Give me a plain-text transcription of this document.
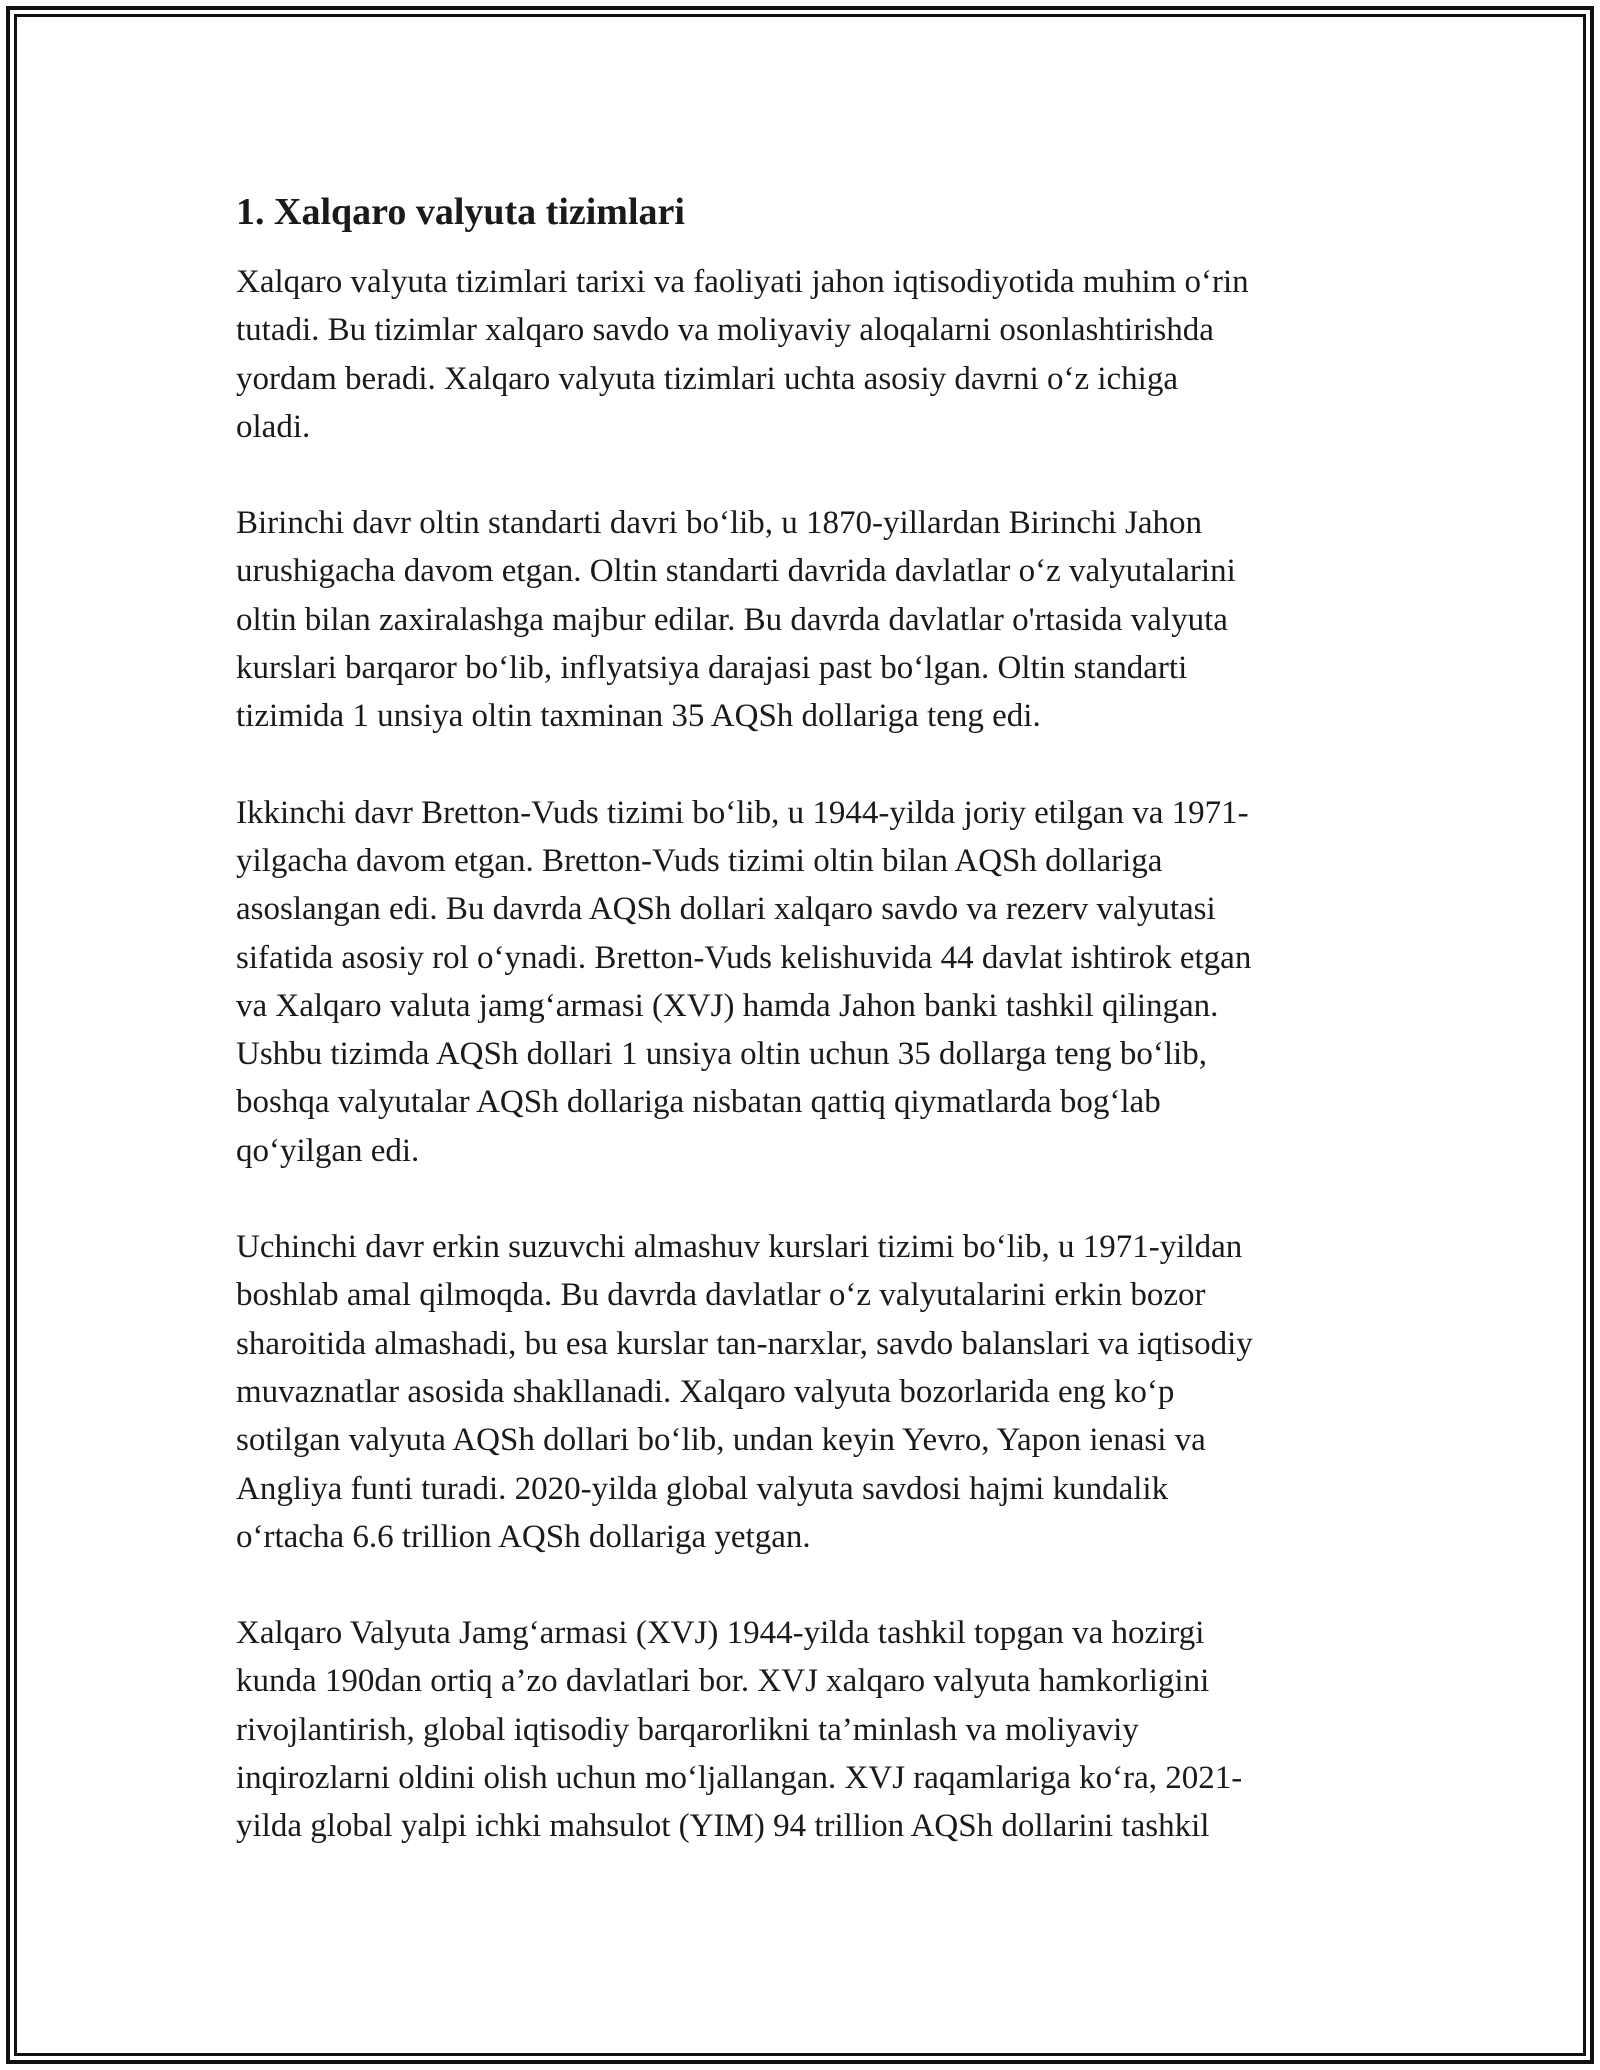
1. Xalqaro valyuta tizimlari
Xalqaro valyuta tizimlari tarixi va faoliyati jahon iqtisodiyotida muhim oʻrin
tutadi. Bu tizimlar xalqaro savdo va moliyaviy aloqalarni osonlashtirishda
yordam beradi. Xalqaro valyuta tizimlari uchta asosiy davrni oʻz ichiga
oladi.
Birinchi davr oltin standarti davri boʻlib, u 1870-yillardan Birinchi Jahon
urushigacha davom etgan. Oltin standarti davrida davlatlar oʻz valyutalarini
oltin bilan zaxiralashga majbur edilar. Bu davrda davlatlar o'rtasida valyuta
kurslari barqaror boʻlib, inflyatsiya darajasi past boʻlgan. Oltin standarti
tizimida 1 unsiya oltin taxminan 35 AQSh dollariga teng edi.
Ikkinchi davr Bretton-Vuds tizimi boʻlib, u 1944-yilda joriy etilgan va 1971-
yilgacha davom etgan. Bretton-Vuds tizimi oltin bilan AQSh dollariga
asoslangan edi. Bu davrda AQSh dollari xalqaro savdo va rezerv valyutasi
sifatida asosiy rol oʻynadi. Bretton-Vuds kelishuvida 44 davlat ishtirok etgan
va Xalqaro valuta jamgʻarmasi (XVJ) hamda Jahon banki tashkil qilingan.
Ushbu tizimda AQSh dollari 1 unsiya oltin uchun 35 dollarga teng boʻlib,
boshqa valyutalar AQSh dollariga nisbatan qattiq qiymatlarda bogʻlab
qoʻyilgan edi.
Uchinchi davr erkin suzuvchi almashuv kurslari tizimi boʻlib, u 1971-yildan
boshlab amal qilmoqda. Bu davrda davlatlar oʻz valyutalarini erkin bozor
sharoitida almashadi, bu esa kurslar tan-narxlar, savdo balanslari va iqtisodiy
muvaznatlar asosida shakllanadi. Xalqaro valyuta bozorlarida eng koʻp
sotilgan valyuta AQSh dollari boʻlib, undan keyin Yevro, Yapon ienasi va
Angliya funti turadi. 2020-yilda global valyuta savdosi hajmi kundalik
oʻrtacha 6.6 trillion AQSh dollariga yetgan.
Xalqaro Valyuta Jamgʻarmasi (XVJ) 1944-yilda tashkil topgan va hozirgi
kunda 190dan ortiq a’zo davlatlari bor. XVJ xalqaro valyuta hamkorligini
rivojlantirish, global iqtisodiy barqarorlikni ta’minlash va moliyaviy
inqirozlarni oldini olish uchun moʻljallangan. XVJ raqamlariga koʻra, 2021-
yilda global yalpi ichki mahsulot (YIM) 94 trillion AQSh dollarini tashkil
